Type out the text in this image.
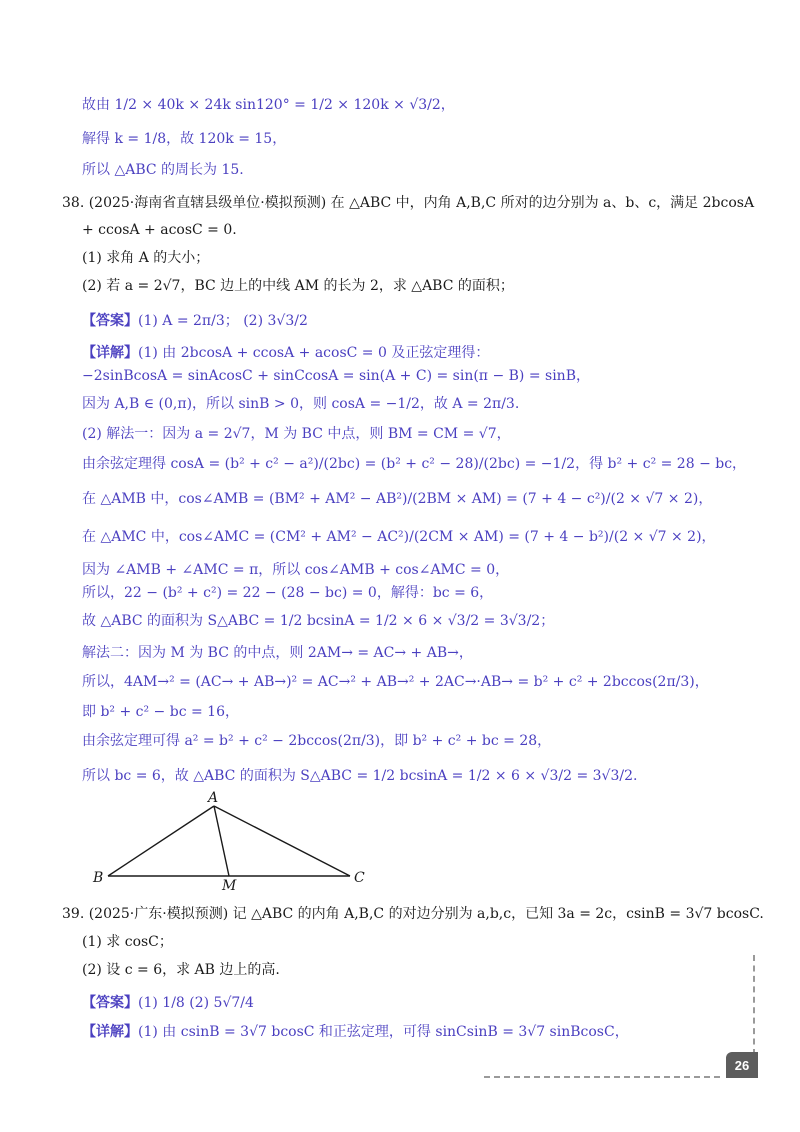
故由 1/2 × 40k × 24k sin120° = 1/2 × 120k × √3/2，
解得 k = 1/8，故 120k = 15，
所以 △ABC 的周长为 15.
38. (2025·海南省直辖县级单位·模拟预测) 在 △ABC 中，内角 A,B,C 所对的边分别为 a、b、c，满足 2bcosA
+ ccosA + acosC = 0.
(1) 求角 A 的大小；
(2) 若 a = 2√7，BC 边上的中线 AM 的长为 2，求 △ABC 的面积；
【答案】(1) A = 2π/3； (2) 3√3/2
【详解】(1) 由 2bcosA + ccosA + acosC = 0 及正弦定理得：
−2sinBcosA = sinAcosC + sinCcosA = sin(A + C) = sin(π − B) = sinB，
因为 A,B ∈ (0,π)，所以 sinB > 0，则 cosA = −1/2，故 A = 2π/3.
(2) 解法一：因为 a = 2√7，M 为 BC 中点，则 BM = CM = √7，
由余弦定理得 cosA = (b² + c² − a²)/(2bc) = (b² + c² − 28)/(2bc) = −1/2，得 b² + c² = 28 − bc，
在 △AMB 中，cos∠AMB = (BM² + AM² − AB²)/(2BM × AM) = (7 + 4 − c²)/(2 × √7 × 2)，
在 △AMC 中，cos∠AMC = (CM² + AM² − AC²)/(2CM × AM) = (7 + 4 − b²)/(2 × √7 × 2)，
因为 ∠AMB + ∠AMC = π，所以 cos∠AMB + cos∠AMC = 0，
所以，22 − (b² + c²) = 22 − (28 − bc) = 0，解得：bc = 6，
故 △ABC 的面积为 S△ABC = 1/2 bcsinA = 1/2 × 6 × √3/2 = 3√3/2；
解法二：因为 M 为 BC 的中点，则 2AM→ = AC→ + AB→，
所以，4AM→² = (AC→ + AB→)² = AC→² + AB→² + 2AC→·AB→ = b² + c² + 2bccos(2π/3)，
即 b² + c² − bc = 16，
由余弦定理可得 a² = b² + c² − 2bccos(2π/3)，即 b² + c² + bc = 28，
所以 bc = 6，故 △ABC 的面积为 S△ABC = 1/2 bcsinA = 1/2 × 6 × √3/2 = 3√3/2.
A
B	C
M
39. (2025·广东·模拟预测) 记 △ABC 的内角 A,B,C 的对边分别为 a,b,c，已知 3a = 2c，csinB = 3√7 bcosC.
(1) 求 cosC；
(2) 设 c = 6，求 AB 边上的高.
【答案】(1) 1/8 (2) 5√7/4
【详解】(1) 由 csinB = 3√7 bcosC 和正弦定理，可得 sinCsinB = 3√7 sinBcosC，
26
